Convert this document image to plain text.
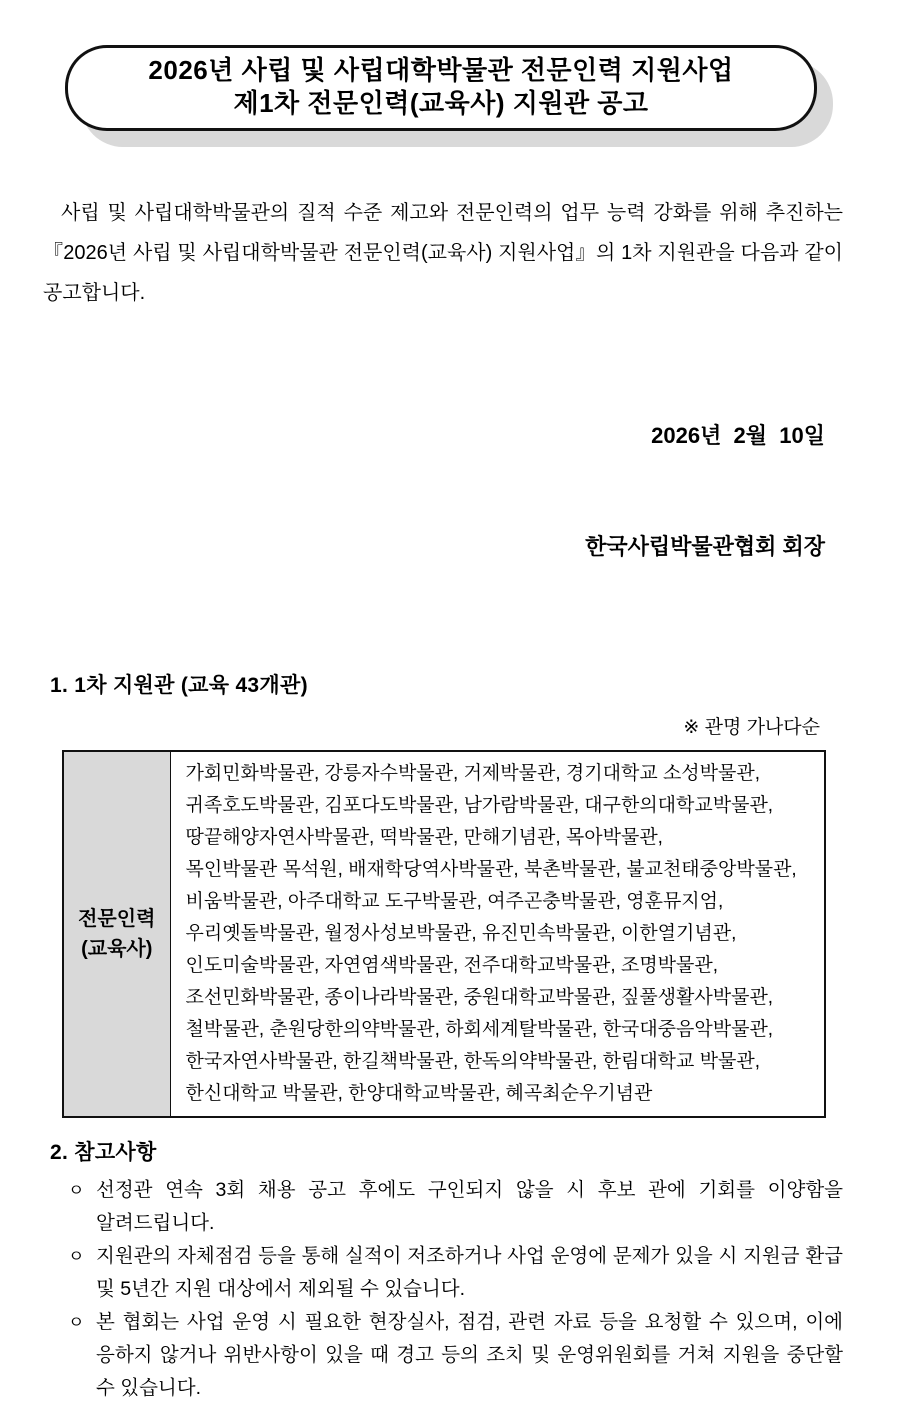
2026년 사립 및 사립대학박물관 전문인력 지원사업
제1차 전문인력(교육사) 지원관 공고

사립 및 사립대학박물관의 질적 수준 제고와 전문인력의 업무 능력 강화를 위해 추진하는 『2026년 사립 및 사립대학박물관 전문인력(교육사) 지원사업』의 1차 지원관을 다음과 같이 공고합니다.

2026년  2월  10일

한국사립박물관협회 회장

1. 1차 지원관 (교육 43개관)
※ 관명 가나다순
전문인력
(교육사)

가회민화박물관, 강릉자수박물관, 거제박물관, 경기대학교 소성박물관,
귀족호도박물관, 김포다도박물관, 남가람박물관, 대구한의대학교박물관,
땅끝해양자연사박물관, 떡박물관, 만해기념관, 목아박물관,
목인박물관 목석원, 배재학당역사박물관, 북촌박물관, 불교천태중앙박물관,
비움박물관, 아주대학교 도구박물관, 여주곤충박물관, 영훈뮤지엄,
우리옛돌박물관, 월정사성보박물관, 유진민속박물관, 이한열기념관,
인도미술박물관, 자연염색박물관, 전주대학교박물관, 조명박물관,
조선민화박물관, 종이나라박물관, 중원대학교박물관, 짚풀생활사박물관,
철박물관, 춘원당한의약박물관, 하회세계탈박물관, 한국대중음악박물관,
한국자연사박물관, 한길책박물관, 한독의약박물관, 한림대학교 박물관,
한신대학교 박물관, 한양대학교박물관, 혜곡최순우기념관
2. 참고사항
ㅇ 선정관 연속 3회 채용 공고 후에도 구인되지 않을 시 후보 관에 기회를 이양함을 알려드립니다.
ㅇ 지원관의 자체점검 등을 통해 실적이 저조하거나 사업 운영에 문제가 있을 시 지원금 환급 및 5년간 지원 대상에서 제외될 수 있습니다.
ㅇ 본 협회는 사업 운영 시 필요한 현장실사, 점검, 관련 자료 등을 요청할 수 있으며, 이에 응하지 않거나 위반사항이 있을 때 경고 등의 조치 및 운영위원회를 거쳐 지원을 중단할 수 있습니다.
